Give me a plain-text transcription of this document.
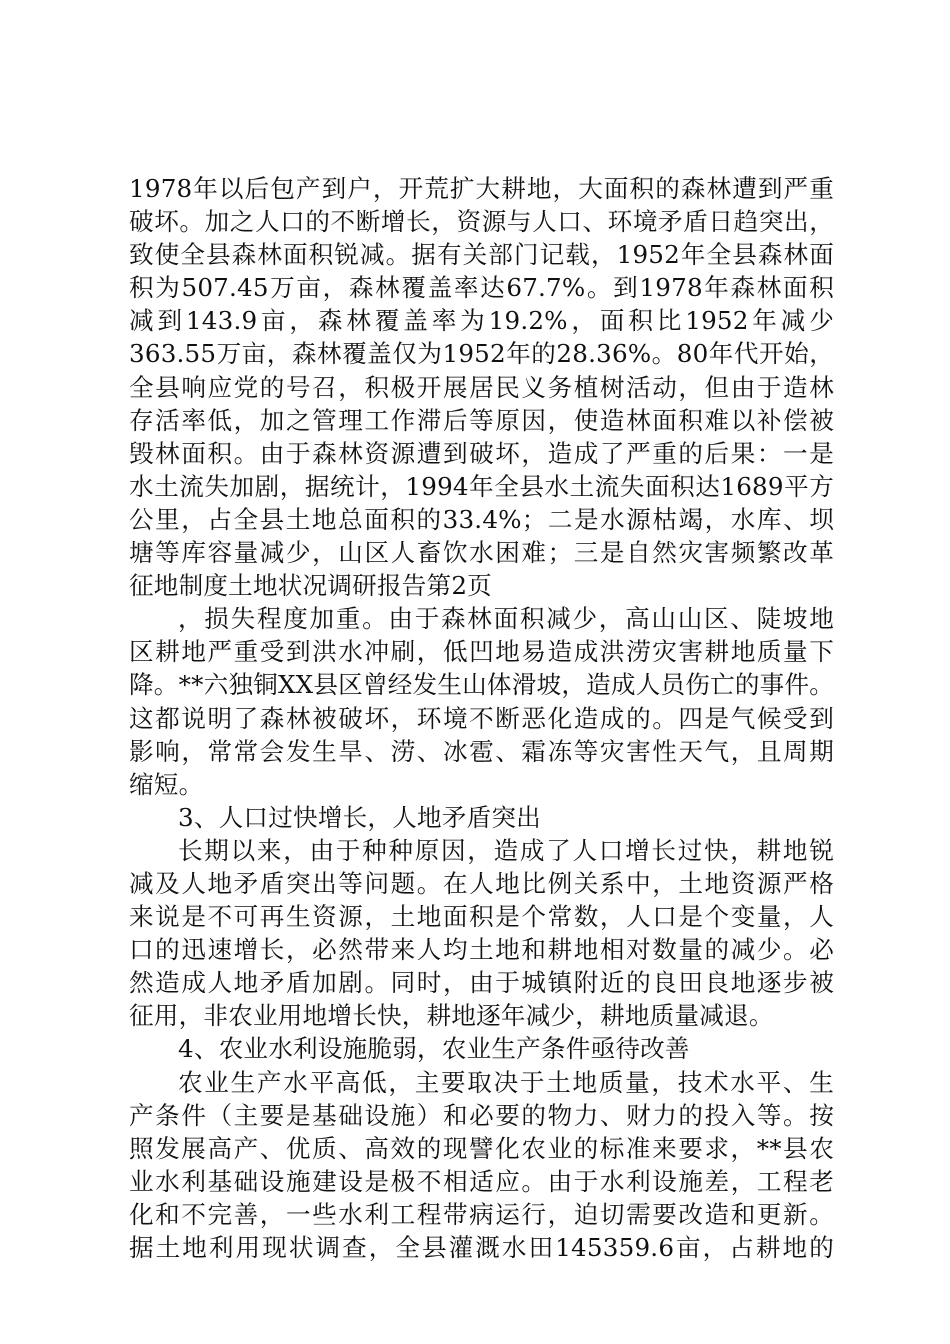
1978年以后包产到户，开荒扩大耕地，大面积的森林遭到严重
破坏。加之人口的不断增长，资源与人口、环境矛盾日趋突出，
致使全县森林面积锐减。据有关部门记载，1952年全县森林面
积为507.45万亩，森林覆盖率达67.7%。到1978年森林面积
减到143.9亩，森林覆盖率为19.2%，面积比1952年减少
363.55万亩，森林覆盖仅为1952年的28.36%。80年代开始，
全县响应党的号召，积极开展居民义务植树活动，但由于造林
存活率低，加之管理工作滞后等原因，使造林面积难以补偿被
毁林面积。由于森林资源遭到破坏，造成了严重的后果：一是
水土流失加剧，据统计，1994年全县水土流失面积达1689平方
公里，占全县土地总面积的33.4%；二是水源枯竭，水库、坝
塘等库容量减少，山区人畜饮水困难；三是自然灾害频繁改革
征地制度土地状况调研报告第2页
，损失程度加重。由于森林面积减少，高山山区、陡坡地
区耕地严重受到洪水冲刷，低凹地易造成洪涝灾害耕地质量下
降。**六独铜XX县区曾经发生山体滑坡，造成人员伤亡的事件。
这都说明了森林被破坏，环境不断恶化造成的。四是气候受到
影响，常常会发生旱、涝、冰雹、霜冻等灾害性天气，且周期
缩短。
3、人口过快增长，人地矛盾突出
长期以来，由于种种原因，造成了人口增长过快，耕地锐
减及人地矛盾突出等问题。在人地比例关系中，土地资源严格
来说是不可再生资源，土地面积是个常数，人口是个变量，人
口的迅速增长，必然带来人均土地和耕地相对数量的减少。必
然造成人地矛盾加剧。同时，由于城镇附近的良田良地逐步被
征用，非农业用地增长快，耕地逐年减少，耕地质量减退。
4、农业水利设施脆弱，农业生产条件亟待改善
农业生产水平高低，主要取决于土地质量，技术水平、生
产条件（主要是基础设施）和必要的物力、财力的投入等。按
照发展高产、优质、高效的现譬化农业的标准来要求，**县农
业水利基础设施建设是极不相适应。由于水利设施差，工程老
化和不完善，一些水利工程带病运行，迫切需要改造和更新。
据土地利用现状调查，全县灌溉水田145359.6亩，占耕地的
